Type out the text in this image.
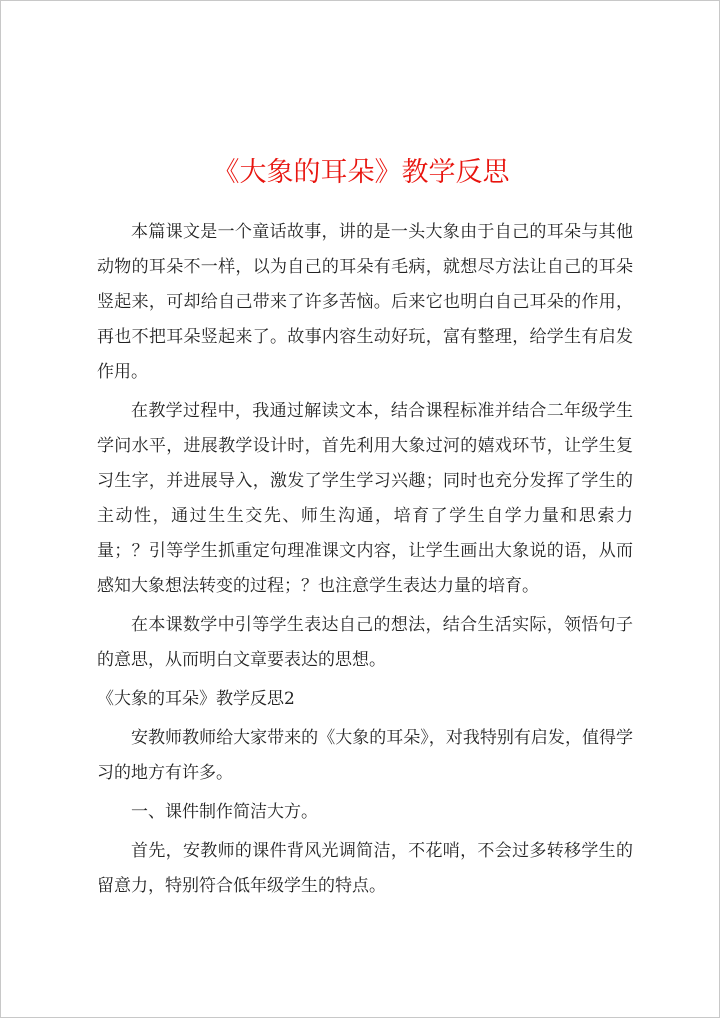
《大象的耳朵》教学反思

本篇课文是一个童话故事，讲的是一头大象由于自己的耳朵与其他动物的耳朵不一样，以为自己的耳朵有毛病，就想尽方法让自己的耳朵竖起来，可却给自己带来了许多苦恼。后来它也明白自己耳朵的作用，再也不把耳朵竖起来了。故事内容生动好玩，富有整理，给学生有启发作用。

在教学过程中，我通过解读文本，结合课程标准并结合二年级学生学问水平，进展教学设计时，首先利用大象过河的嬉戏环节，让学生复习生字，并进展导入，激发了学生学习兴趣；同时也充分发挥了学生的主动性，通过生生交先、师生沟通，培育了学生自学力量和思索力量；？引等学生抓重定句理准课文内容，让学生画出大象说的语，从而感知大象想法转变的过程；？也注意学生表达力量的培育。

在本课数学中引等学生表达自己的想法，结合生活实际，领悟句子的意思，从而明白文章要表达的思想。

《大象的耳朵》教学反思2

安教师教师给大家带来的《大象的耳朵》，对我特别有启发，值得学习的地方有许多。

一、课件制作简洁大方。

首先，安教师的课件背风光调简洁，不花哨，不会过多转移学生的留意力，特别符合低年级学生的特点。
